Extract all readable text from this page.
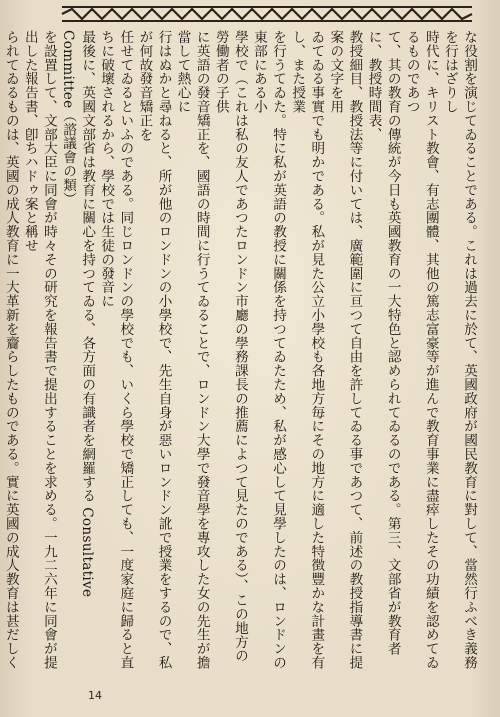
な役割を演じてゐることである。これは過去に於て、英國政府が國民教育に對して、當然行ふべき義務を行はざりし

時代に、キリスト教會、有志團體、其他の篤志富豪等が進んで教育事業に盡瘁したその功績を認めてゐるものであつ

て、其の教育の傳統が今日も英國教育の一大特色と認められてゐるのである。第三、文部省が教育者に、教授時間表、

教授細目、教授法等に付いては、廣範圍に亘つて自由を許してゐる事であつて、前述の教授指導書に提案の文字を用

ゐてゐる事實でも明かである。私が見た公立小學校も各地方毎にその地方に適した特徴豐かな計畫を有し、また授業

を行うてゐた。特に私が英語の教授に關係を持つてゐたため、私が感心して見學したのは、ロンドンの東部にある小

學校で（これは私の友人であつたロンドン市廳の學務課長の推薦によつて見たのである）、この地方の勞働者の子供

に英語の發音矯正を、國語の時間に行うてゐることで、ロンドン大學で發音學を專攻した女の先生が擔當して熱心に

行はぬかと尋ねると、所が他のロンドンの小學校で、先生自身が惡いロンドン訛で授業をするので、私が何故發音矯正を

任せてゐるといふのである。同じロンドンの學校でも、いくら學校で矯正しても、一度家庭に歸ると直ちに破壞されるから、學校では生徒の發音に

最後に、英國文部省は教育に關心を持つてゐる、各方面の有識者を網羅する Consultative Committee（諮議會の類）

を設置して、文部大臣に同會が時々その研究を報告書で提出することを求める。一九二六年に同會が提出した報告書、卽ちハドゥ案と稱せ

られてゐるものは、英國の成人教育に一大革新を齎らしたものである。實に英國の成人教育は甚だしく

14
